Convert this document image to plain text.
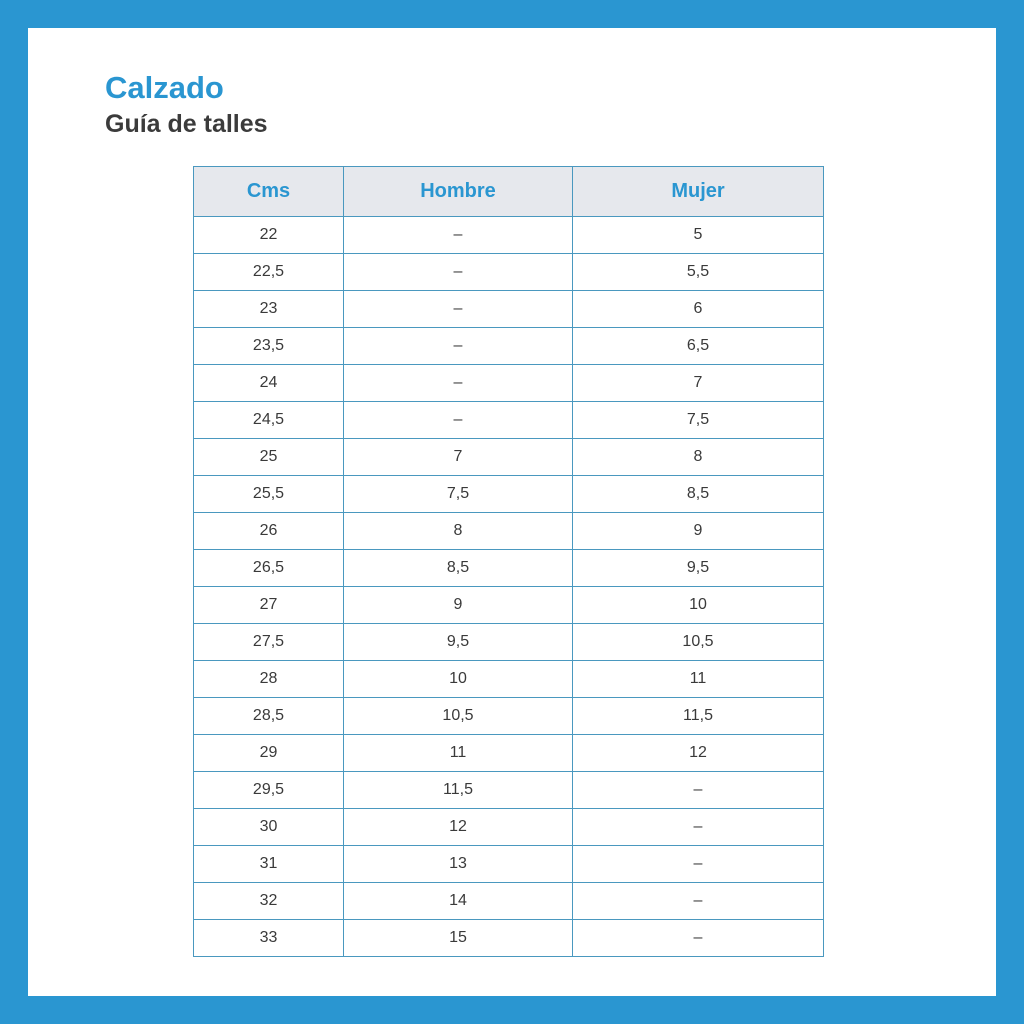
Calzado
Guía de talles
Cms	Hombre	Mujer
22	–	5
22,5	–	5,5
23	–	6
23,5	–	6,5
24	–	7
24,5	–	7,5
25	7	8
25,5	7,5	8,5
26	8	9
26,5	8,5	9,5
27	9	10
27,5	9,5	10,5
28	10	11
28,5	10,5	11,5
29	11	12
29,5	11,5	–
30	12	–
31	13	–
32	14	–
33	15	–
